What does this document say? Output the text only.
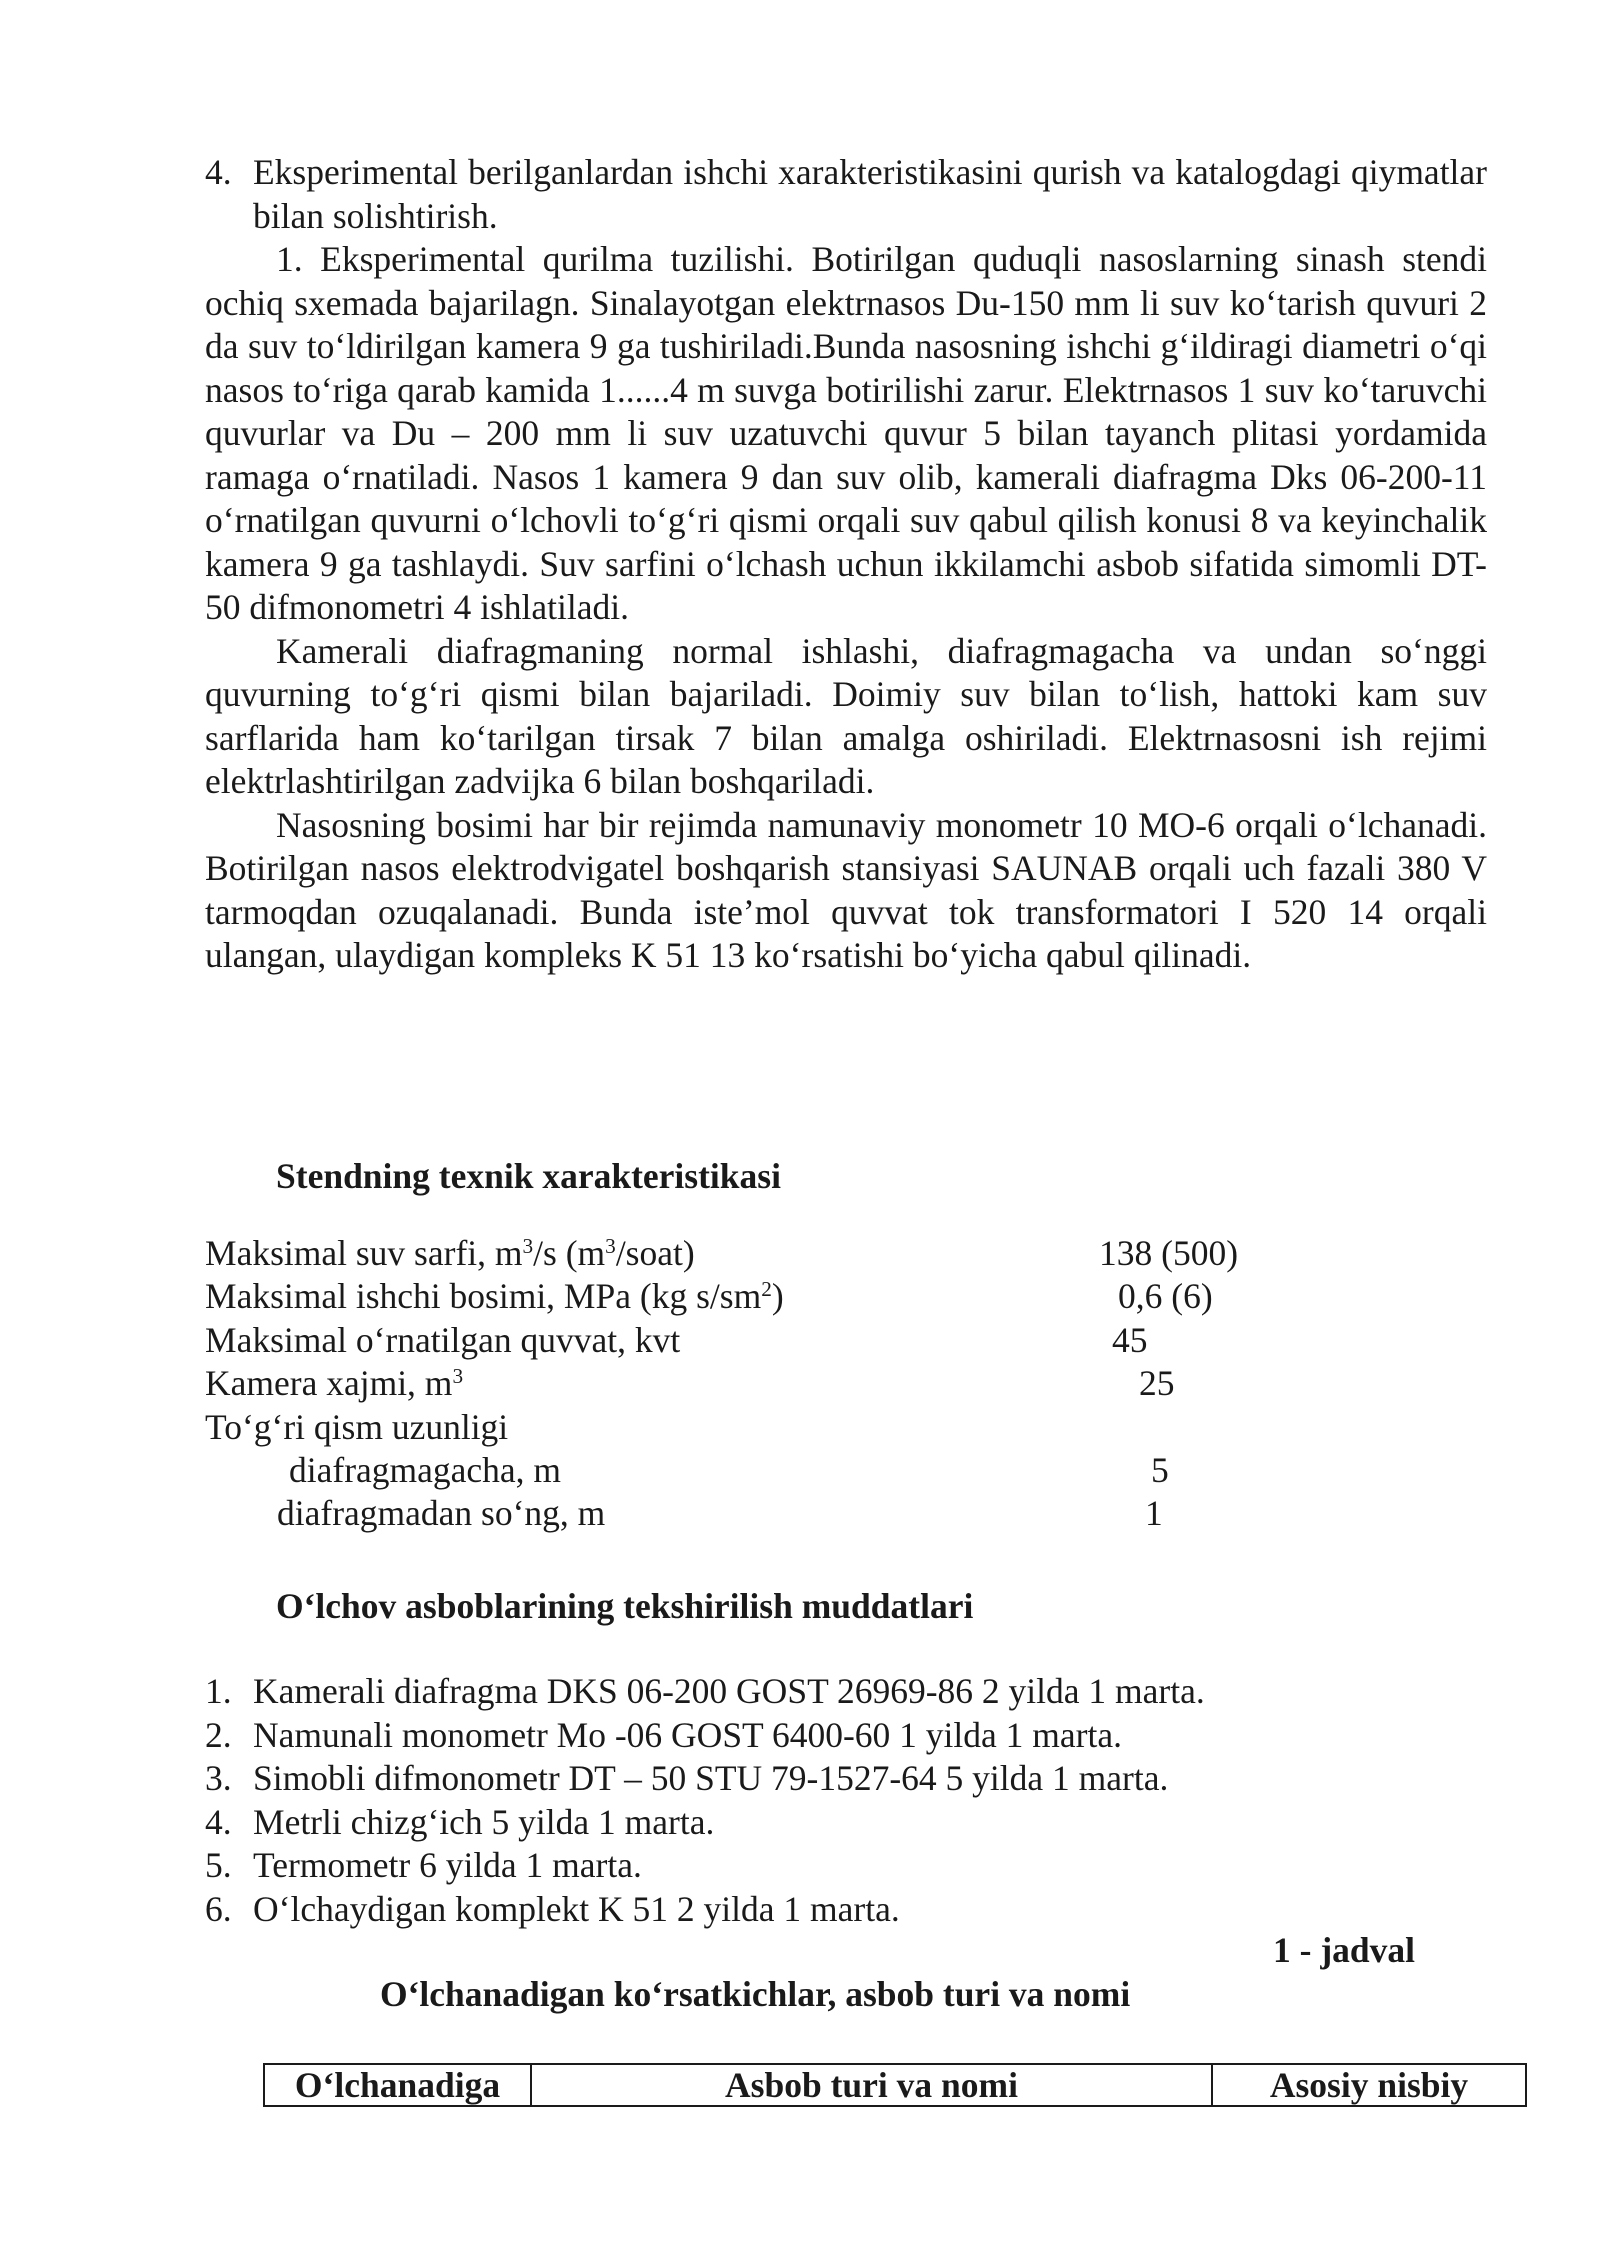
4. Eksperimental berilganlardan ishchi xarakteristikasini qurish va katalogdagi qiymatlar bilan solishtirish.

1. Eksperimental qurilma tuzilishi. Botirilgan quduqli nasoslarning sinash stendi ochiq sxemada bajarilagn. Sinalayotgan elektrnasos Du-150 mm li suv ko‘tarish quvuri 2 da suv to‘ldirilgan kamera 9 ga tushiriladi.Bunda nasosning ishchi g‘ildiragi diametri o‘qi nasos to‘riga qarab kamida 1......4 m suvga botirilishi zarur. Elektrnasos 1 suv ko‘taruvchi quvurlar va Du – 200 mm li suv uzatuvchi quvur 5 bilan tayanch plitasi yordamida ramaga o‘rnatiladi. Nasos 1 kamera 9 dan suv olib, kamerali diafragma Dks 06-200-11 o‘rnatilgan quvurni o‘lchovli to‘g‘ri qismi orqali suv qabul qilish konusi 8 va keyinchalik kamera 9 ga tashlaydi. Suv sarfini o‘lchash uchun ikkilamchi asbob sifatida simomli DT-50 difmonometri 4 ishlatiladi.

Kamerali diafragmaning normal ishlashi, diafragmagacha va undan so‘nggi quvurning to‘g‘ri qismi bilan bajariladi. Doimiy suv bilan to‘lish, hattoki kam suv sarflarida ham ko‘tarilgan tirsak 7 bilan amalga oshiriladi. Elektrnasosni ish rejimi elektrlashtirilgan zadvijka 6 bilan boshqariladi.

Nasosning bosimi har bir rejimda namunaviy monometr 10 MO-6 orqali o‘lchanadi. Botirilgan nasos elektrodvigatel boshqarish stansiyasi SAUNAB orqali uch fazali 380 V tarmoqdan ozuqalanadi. Bunda iste’mol quvvat tok transformatori I 520 14 orqali ulangan, ulaydigan kompleks K 51 13 ko‘rsatishi bo‘yicha qabul qilinadi.

Stendning texnik xarakteristikasi
Maksimal suv sarfi, $m^3/s$ $(m^3/soat)$	138 (500)
Maksimal ishchi bosimi, MPa (kg $s/sm^2$)	0,6 (6)
Maksimal o‘rnatilgan quvvat, kvt	45
Kamera xajmi, $m^3$	25
To‘g‘ri qism uzunligi
diafragmagacha, m	5
diafragmadan so‘ng, m	1
O‘lchov asboblarining tekshirilish muddatlari
1. Kamerali diafragma DKS 06-200 GOST 26969-86 2 yilda 1 marta.
2. Namunali monometr Mo -06 GOST 6400-60 1 yilda 1 marta.
3. Simobli difmonometr DT – 50 STU 79-1527-64 5 yilda 1 marta.
4. Metrli chizg‘ich 5 yilda 1 marta.
5. Termometr 6 yilda 1 marta.
6. O‘lchaydigan komplekt K 51 2 yilda 1 marta.
1 - jadval
O‘lchanadigan ko‘rsatkichlar, asbob turi va nomi
O‘lchanadiga	Asbob turi va nomi	Asosiy nisbiy
